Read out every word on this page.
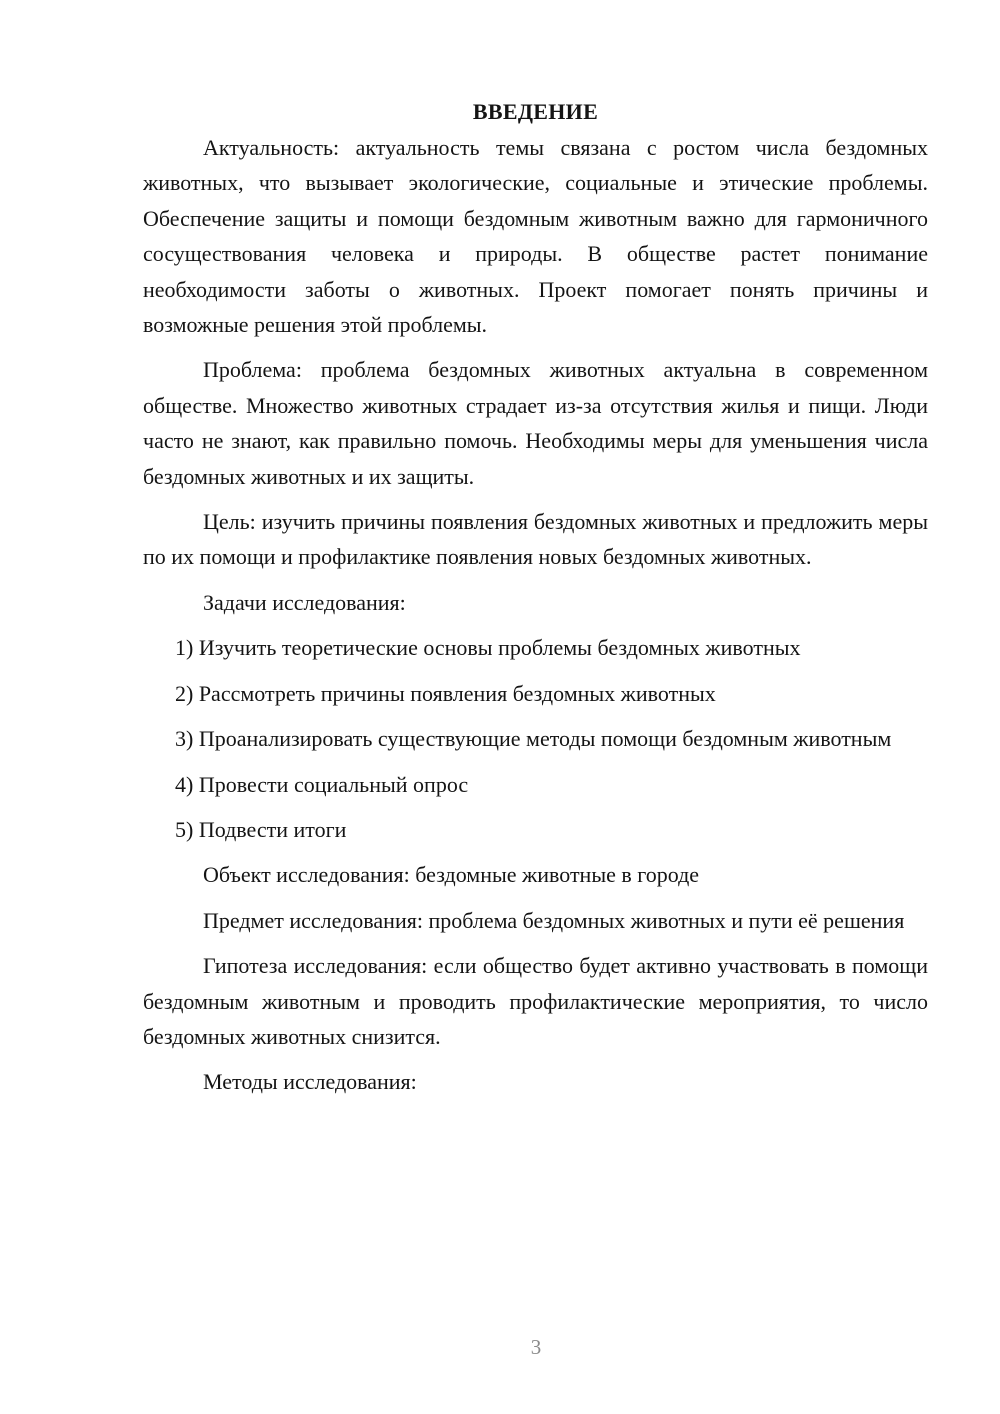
ВВЕДЕНИЕ

Актуальность: актуальность темы связана с ростом числа бездомных животных, что вызывает экологические, социальные и этические проблемы. Обеспечение защиты и помощи бездомным животным важно для гармоничного сосуществования человека и природы. В обществе растет понимание необходимости заботы о животных. Проект помогает понять причины и возможные решения этой проблемы.

Проблема: проблема бездомных животных актуальна в современном обществе. Множество животных страдает из-за отсутствия жилья и пищи. Люди часто не знают, как правильно помочь. Необходимы меры для уменьшения числа бездомных животных и их защиты.

Цель: изучить причины появления бездомных животных и предложить меры по их помощи и профилактике появления новых бездомных животных.

Задачи исследования:

1) Изучить теоретические основы проблемы бездомных животных

2) Рассмотреть причины появления бездомных животных

3) Проанализировать существующие методы помощи бездомным животным

4) Провести социальный опрос

5) Подвести итоги

Объект исследования: бездомные животные в городе

Предмет исследования: проблема бездомных животных и пути её решения

Гипотеза исследования: если общество будет активно участвовать в помощи бездомным животным и проводить профилактические мероприятия, то число бездомных животных снизится.

Методы исследования:

3
